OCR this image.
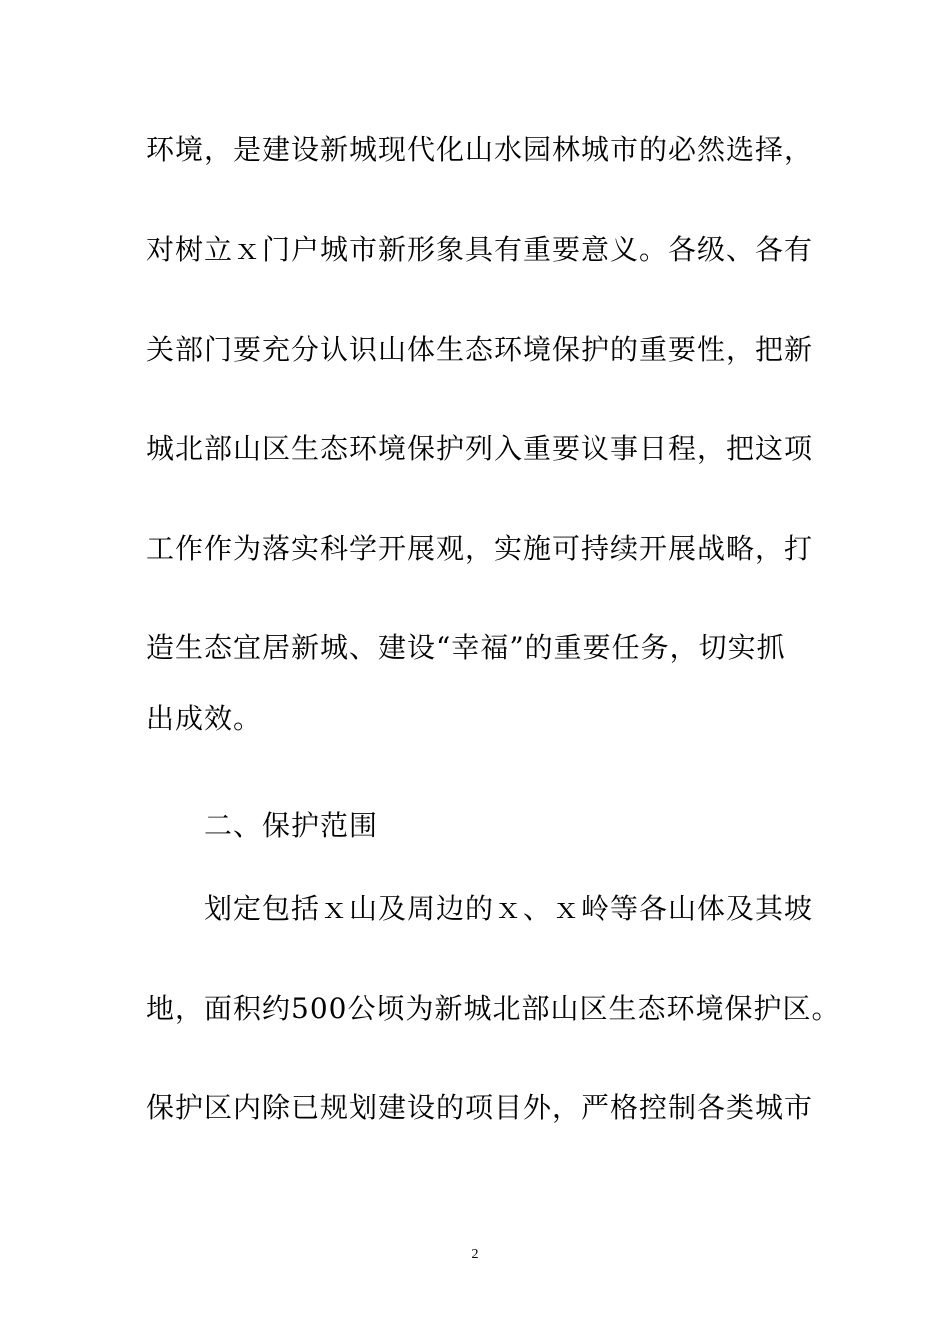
环境，是建设新城现代化山水园林城市的必然选择，
对树立ｘ门户城市新形象具有重要意义。各级、各有
关部门要充分认识山体生态环境保护的重要性，把新
城北部山区生态环境保护列入重要议事日程，把这项
工作作为落实科学开展观，实施可持续开展战略，打
造生态宜居新城、建设“幸福”的重要任务，切实抓
出成效。
二、保护范围
划定包括ｘ山及周边的ｘ、ｘ岭等各山体及其坡
地，面积约500公顷为新城北部山区生态环境保护区。
保护区内除已规划建设的项目外，严格控制各类城市
2
